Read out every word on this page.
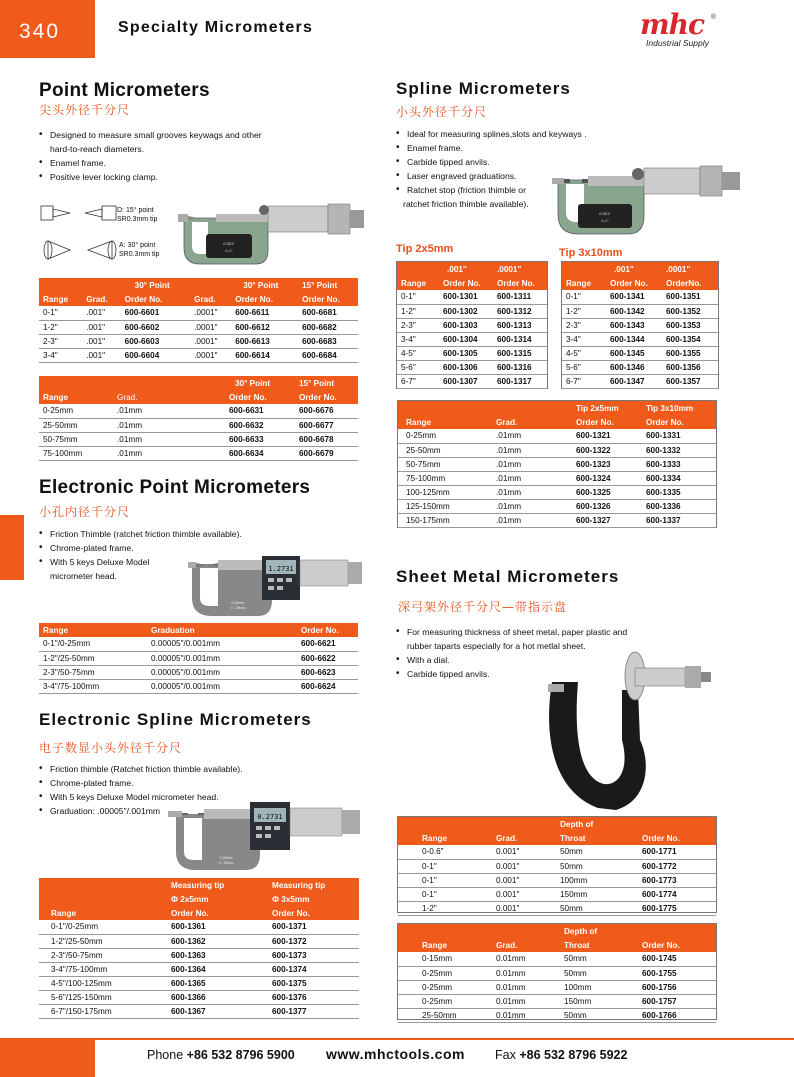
340	Specialty Micrometers	mhc
Industrial Supply
®
Point Micrometers
尖头外径千分尺
• Designed to measure small grooves keywags and other
hard-to-reach diameters.
• Enamel frame.
• Positive lever locking clamp.
D: 15° point
SR0.3mm tip
A: 30° point
SR0.3mm tip
0.001"
0-1"
		30° Point		30° Point	15° Point
Range	Grad.	Order No.	Grad.	Order No.	Order No.
0-1"	.001"	600-6601	.0001"	600-6611	600-6681
1-2"	.001"	600-6602	.0001"	600-6612	600-6682
2-3"	.001"	600-6603	.0001"	600-6613	600-6683
3-4"	.001"	600-6604	.0001"	600-6614	600-6684
		30° Point	15° Point
Range	Grad.	Order No.	Order No.
0-25mm	.01mm	600-6631	600-6676
25-50mm	.01mm	600-6632	600-6677
50-75mm	.01mm	600-6633	600-6678
75-100mm	.01mm	600-6634	600-6679
Electronic Point Micrometers
小孔内径千分尺
• Friction Thimble (ratchet friction thimble available).
• Chrome-plated frame.
• With 5 keys Deluxe Model
micrometer head.
0-25mm
0 - 25mm
1.2731
Range	Graduation	Order No.
0-1"/0-25mm	0.00005"/0.001mm	600-6621
1-2"/25-50mm	0.00005"/0.001mm	600-6622
2-3"/50-75mm	0.00005"/0.001mm	600-6623
3-4"/75-100mm	0.00005"/0.001mm	600-6624
Electronic Spline Micrometers
电子数显小头外径千分尺
• Friction thimble (Ratchet friction thimble available).
• Chrome-plated frame.
• With 5 keys Deluxe Model micrometer head.
• Graduation: .00005"/.001mm
0-25mm
0 - 25mm
0.2731
	Measuring tip	Measuring tip
	Ф 2x5mm	Ф 3x5mm
Range	Order No.	Order No.
0-1"/0-25mm	600-1361	600-1371
1-2"/25-50mm	600-1362	600-1372
2-3"/50-75mm	600-1363	600-1373
3-4"/75-100mm	600-1364	600-1374
4-5"/100-125mm	600-1365	600-1375
5-6"/125-150mm	600-1366	600-1376
6-7"/150-175mm	600-1367	600-1377
Spline Micrometers
小头外径千分尺
• Ideal for measuring splines,slots and keyways .
• Enamel frame.
• Carbide tipped anvils.
• Laser engraved graduations.
• Ratchet stop (friction thimble or
ratchet friction thimble available).
0.001"
0-1"
Tip 2x5mm	Tip 3x10mm
	.001"	.0001"
Range	Order No.	Order No.
0-1"	600-1301	600-1311
1-2"	600-1302	600-1312
2-3"	600-1303	600-1313
3-4"	600-1304	600-1314
4-5"	600-1305	600-1315
5-6"	600-1306	600-1316
6-7"	600-1307	600-1317
	.001"	.0001"
Range	Order No.	OrderNo.
0-1"	600-1341	600-1351
1-2"	600-1342	600-1352
2-3"	600-1343	600-1353
3-4"	600-1344	600-1354
4-5"	600-1345	600-1355
5-6"	600-1346	600-1356
6-7"	600-1347	600-1357
		Tip 2x5mm	Tip 3x10mm
Range	Grad.	Order No.	Order No.
0-25mm	.01mm	600-1321	600-1331
25-50mm	.01mm	600-1322	600-1332
50-75mm	.01mm	600-1323	600-1333
75-100mm	.01mm	600-1324	600-1334
100-125mm	.01mm	600-1325	600-1335
125-150mm	.01mm	600-1326	600-1336
150-175mm	.01mm	600-1327	600-1337
Sheet Metal Micrometers
深弓架外径千分尺—带指示盘
• For measuring thickness of sheet metal, paper plastic and
rubber taparts especially for a hot metlal sheet.
• With a dial.
• Carbide tipped anvils.
		Depth of	
Range	Grad.	Throat	Order No.
0-0.6"	0.001"	50mm	600-1771
0-1"	0.001"	50mm	600-1772
0-1"	0.001"	100mm	600-1773
0-1"	0.001"	150mm	600-1774
1-2"	0.001"	50mm	600-1775
		Depth of	
Range	Grad.	Throat	Order No.
0-15mm	0.01mm	50mm	600-1745
0-25mm	0.01mm	50mm	600-1755
0-25mm	0.01mm	100mm	600-1756
0-25mm	0.01mm	150mm	600-1757
25-50mm	0.01mm	50mm	600-1766
Phone +86 532 8796 5900 www.mhctools.com Fax +86 532 8796 5922
